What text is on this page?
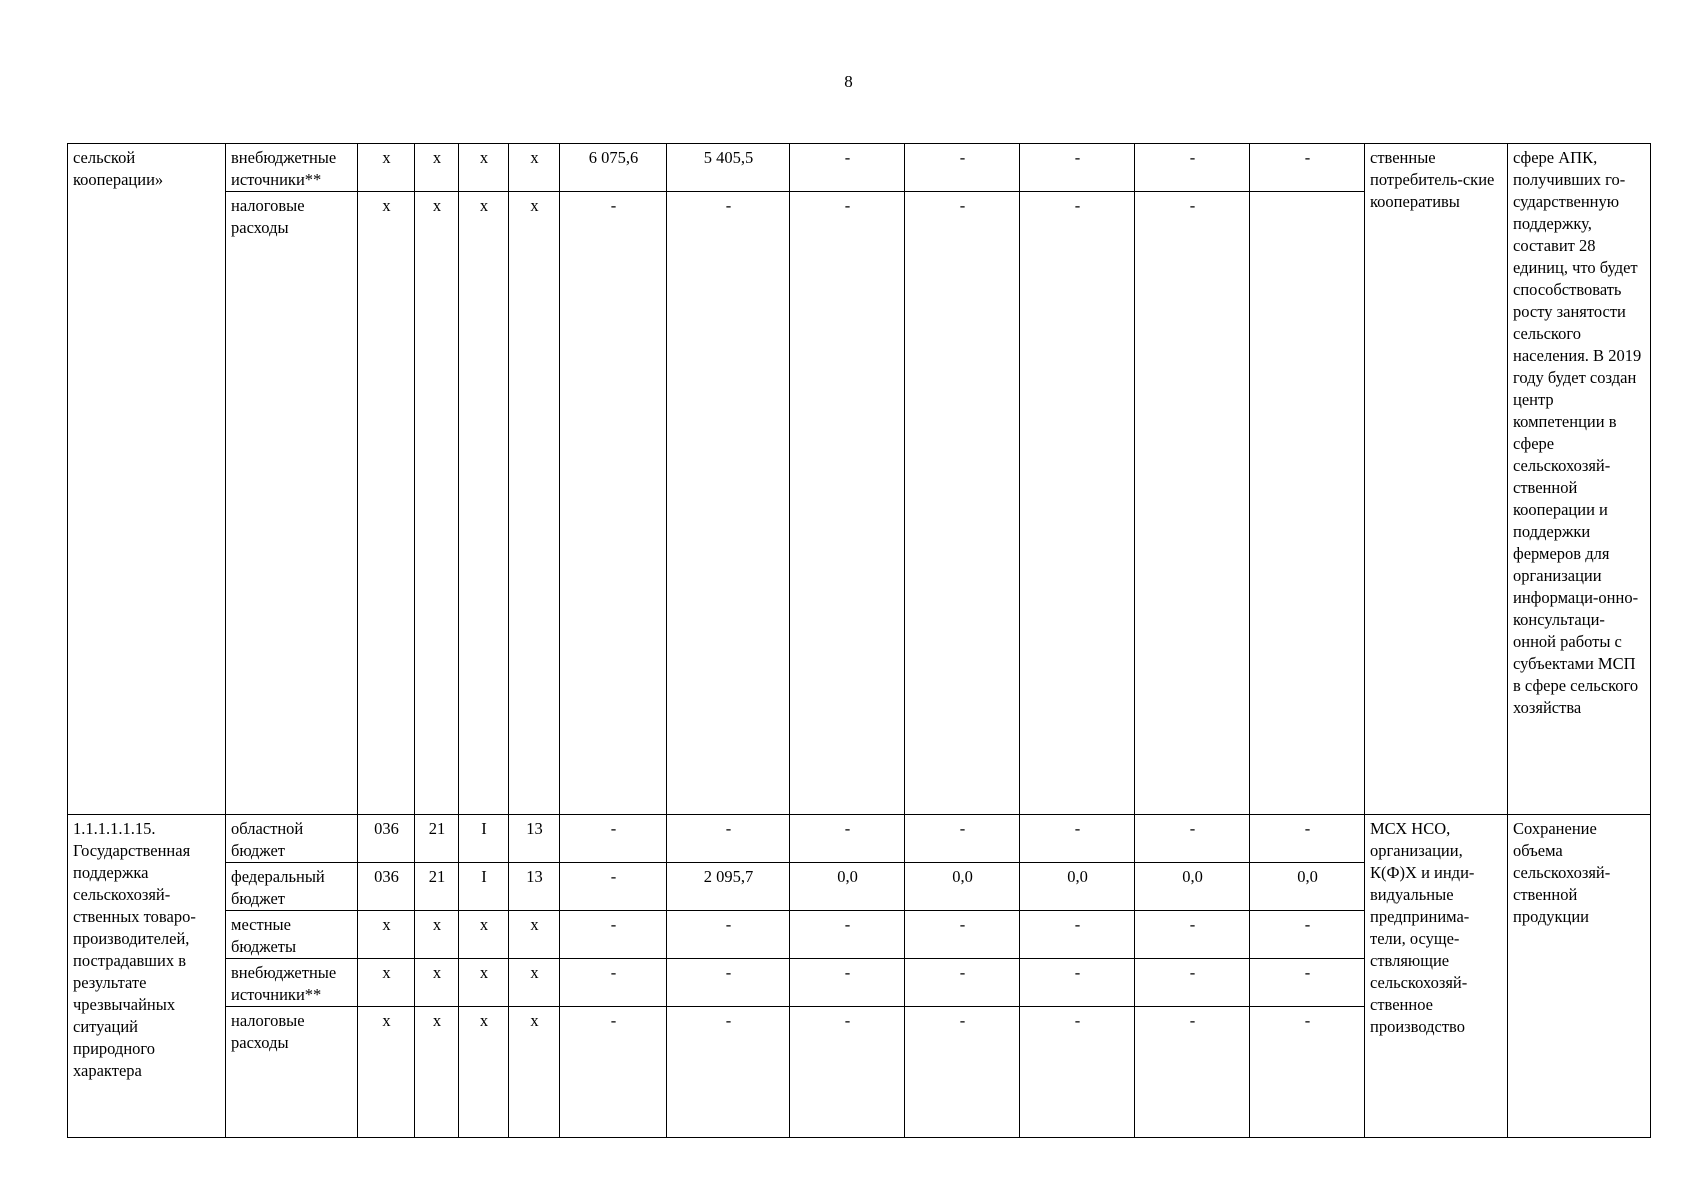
8
сельской кооперации»	внебюджетные источники**	х	х	х	х	6 075,6	5 405,5	-	-	-	-	-	ственные потребитель-ские кооперативы	сфере АПК, получивших го-сударственную поддержку, составит 28 единиц, что будет способствовать росту занятости сельского населения. В 2019 году будет создан центр компетенции в сфере сельскохозяй-ственной кооперации и поддержки фермеров для организации информаци-онно-консультаци-онной работы с субъектами МСП в сфере сельского хозяйства
	налоговые расходы	х	х	х	х	-	-	-	-	-	-			
1.1.1.1.1.15. Государственная поддержка сельскохозяй-ственных товаро-производителей, пострадавших в результате чрезвычайных ситуаций природного характера	областной бюджет	036	21	I	13	-	-	-	-	-	-	-	МСХ НСО, организации, К(Ф)Х и инди-видуальные предпринима-тели, осуще-ствляющие сельскохозяй-ственное производство	Сохранение объема сельскохозяй-ственной продукции
	федеральный бюджет	036	21	I	13	-	2 095,7	0,0	0,0	0,0	0,0	0,0		
	местные бюджеты	х	х	х	х	-	-	-	-	-	-	-		
	внебюджетные источники**	х	х	х	х	-	-	-	-	-	-	-		
	налоговые расходы	х	х	х	х	-	-	-	-	-	-	-		
